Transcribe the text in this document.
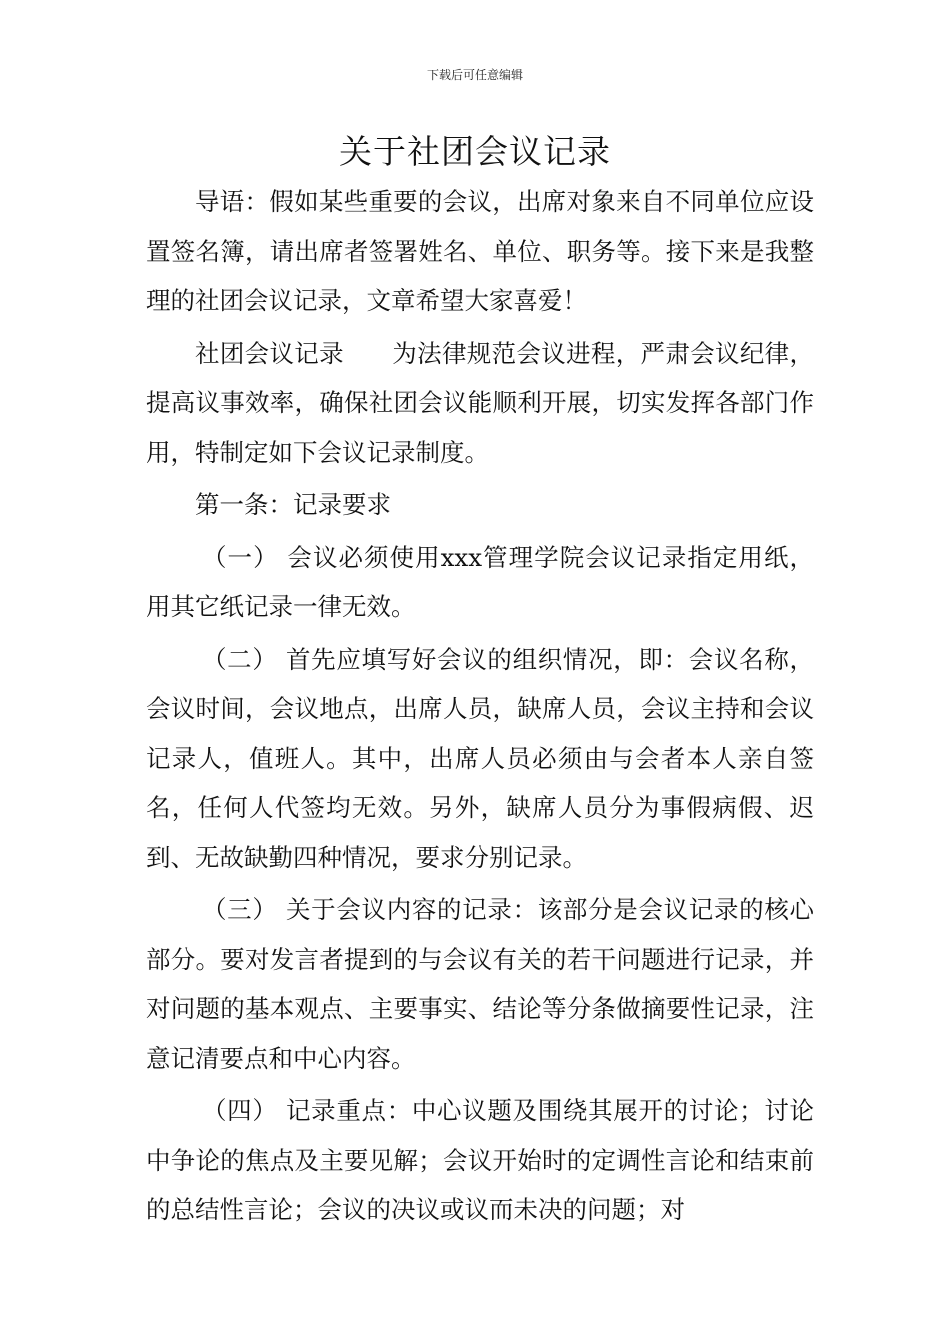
下载后可任意编辑
关于社团会议记录

导语：假如某些重要的会议，出席对象来自不同单位应设置签名簿，请出席者签署姓名、单位、职务等。接下来是我整理的社团会议记录，文章希望大家喜爱！

社团会议记录 为法律规范会议进程，严肃会议纪律，提高议事效率，确保社团会议能顺利开展，切实发挥各部门作用，特制定如下会议记录制度。

第一条：记录要求

（一） 会议必须使用xxx管理学院会议记录指定用纸，用其它纸记录一律无效。

（二） 首先应填写好会议的组织情况，即：会议名称，会议时间，会议地点，出席人员，缺席人员，会议主持和会议记录人，值班人。其中，出席人员必须由与会者本人亲自签名，任何人代签均无效。另外，缺席人员分为事假病假、迟到、无故缺勤四种情况，要求分别记录。

（三） 关于会议内容的记录：该部分是会议记录的核心部分。要对发言者提到的与会议有关的若干问题进行记录，并对问题的基本观点、主要事实、结论等分条做摘要性记录，注意记清要点和中心内容。

（四） 记录重点：中心议题及围绕其展开的讨论；讨论中争论的焦点及主要见解；会议开始时的定调性言论和结束前的总结性言论；会议的决议或议而未决的问题；对
